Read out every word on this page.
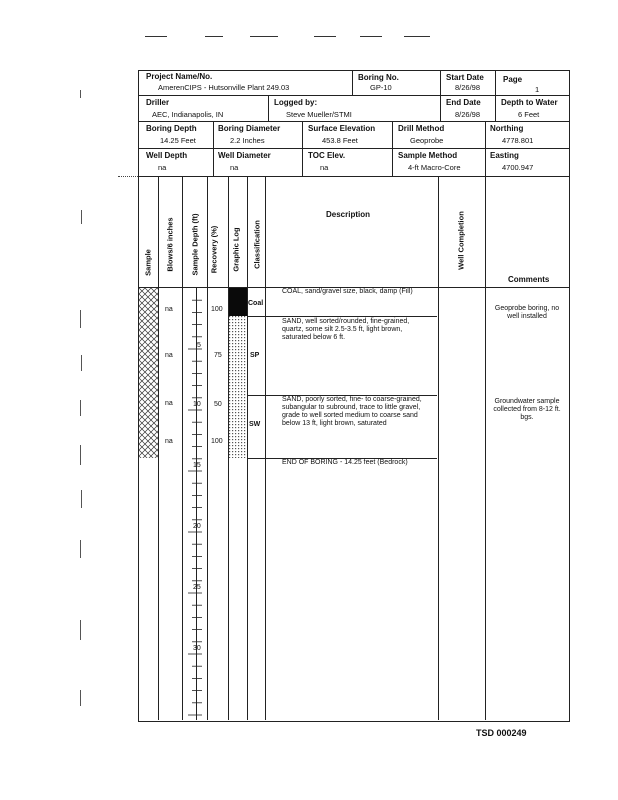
Project Name/No.
AmerenCIPS - Hutsonville Plant 249.03
Boring No.
GP-10
Start Date
8/26/98
Page
1
Driller
AEC, Indianapolis, IN
Logged by:
Steve Mueller/STMI
End Date
8/26/98
Depth to Water
6 Feet
Boring Depth
14.25 Feet
Boring Diameter
2.2 Inches
Surface Elevation
453.8 Feet
Drill Method
Geoprobe
Northing
4778.801
Well Depth
na
Well Diameter
na
TOC Elev.
na
Sample Method
4-ft Macro-Core
Easting
4700.947
Sample Blows/6 inches Sample Depth (ft) Recovery (%) Graphic Log Classification
Description	Well Completion
Comments
na
na
na
na
5
10
15
20
25
30
100
75
50
100
Coal
SP
SW
COAL, sand/gravel size, black, damp (Fill)
SAND, well sorted/rounded, fine-grained, quartz, some silt 2.5-3.5 ft, light brown, saturated below 6 ft.
SAND, poorly sorted, fine- to coarse-grained, subangular to subround, trace to little gravel, grade to well sorted medium to coarse sand below 13 ft, light brown, saturated
END OF BORING - 14.25 feet (Bedrock)
Geoprobe boring, no well installed
Groundwater sample collected from 8-12 ft. bgs.
TSD 000249
